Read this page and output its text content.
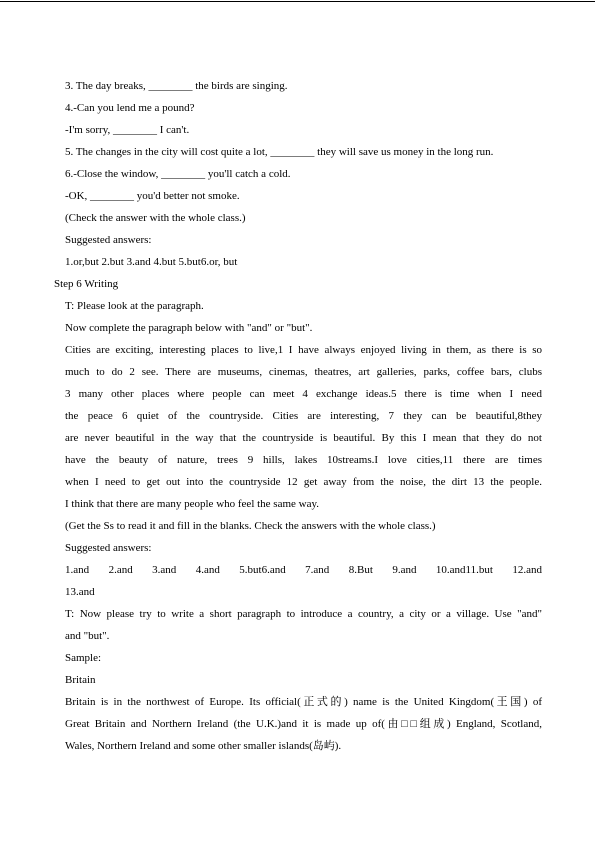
3. The day breaks, ________ the birds are singing.
4.-Can you lend me a pound?
-I'm sorry, ________ I can't.
5. The changes in the city will cost quite a lot, ________ they will save us money in the long run.
6.-Close the window, ________ you'll catch a cold.
-OK, ________ you'd better not smoke.
(Check the answer with the whole class.)
Suggested answers:
1.or,but 2.but 3.and 4.but 5.but6.or, but
Step 6 Writing
T: Please look at the paragraph.
Now complete the paragraph below with "and" or "but".
Cities are exciting, interesting places to live,1 I have always enjoyed living in them, as there is so
much to do 2 see. There are museums, cinemas, theatres, art galleries, parks, coffee bars, clubs
3 many other places where people can meet 4 exchange ideas.5 there is time when I need
the peace 6 quiet of the countryside. Cities are interesting, 7 they can be beautiful,8they
are never beautiful in the way that the countryside is beautiful. By this I mean that they do not
have the beauty of nature, trees 9 hills, lakes 10streams.I love cities,11 there are times
when I need to get out into the countryside 12 get away from the noise, the dirt 13 the people.
I think that there are many people who feel the same way.
(Get the Ss to read it and fill in the blanks. Check the answers with the whole class.)
Suggested answers:
1.and 2.and 3.and 4.and 5.but6.and 7.and 8.But 9.and 10.and11.but 12.and
13.and
T: Now please try to write a short paragraph to introduce a country, a city or a village. Use "and"
and "but".
Sample:
Britain
Britain is in the northwest of Europe. Its official(正式的) name is the United Kingdom(王国) of
Great Britain and Northern Ireland (the U.K.)and it is made up of(由□□组成) England, Scotland,
Wales, Northern Ireland and some other smaller islands(岛屿).
